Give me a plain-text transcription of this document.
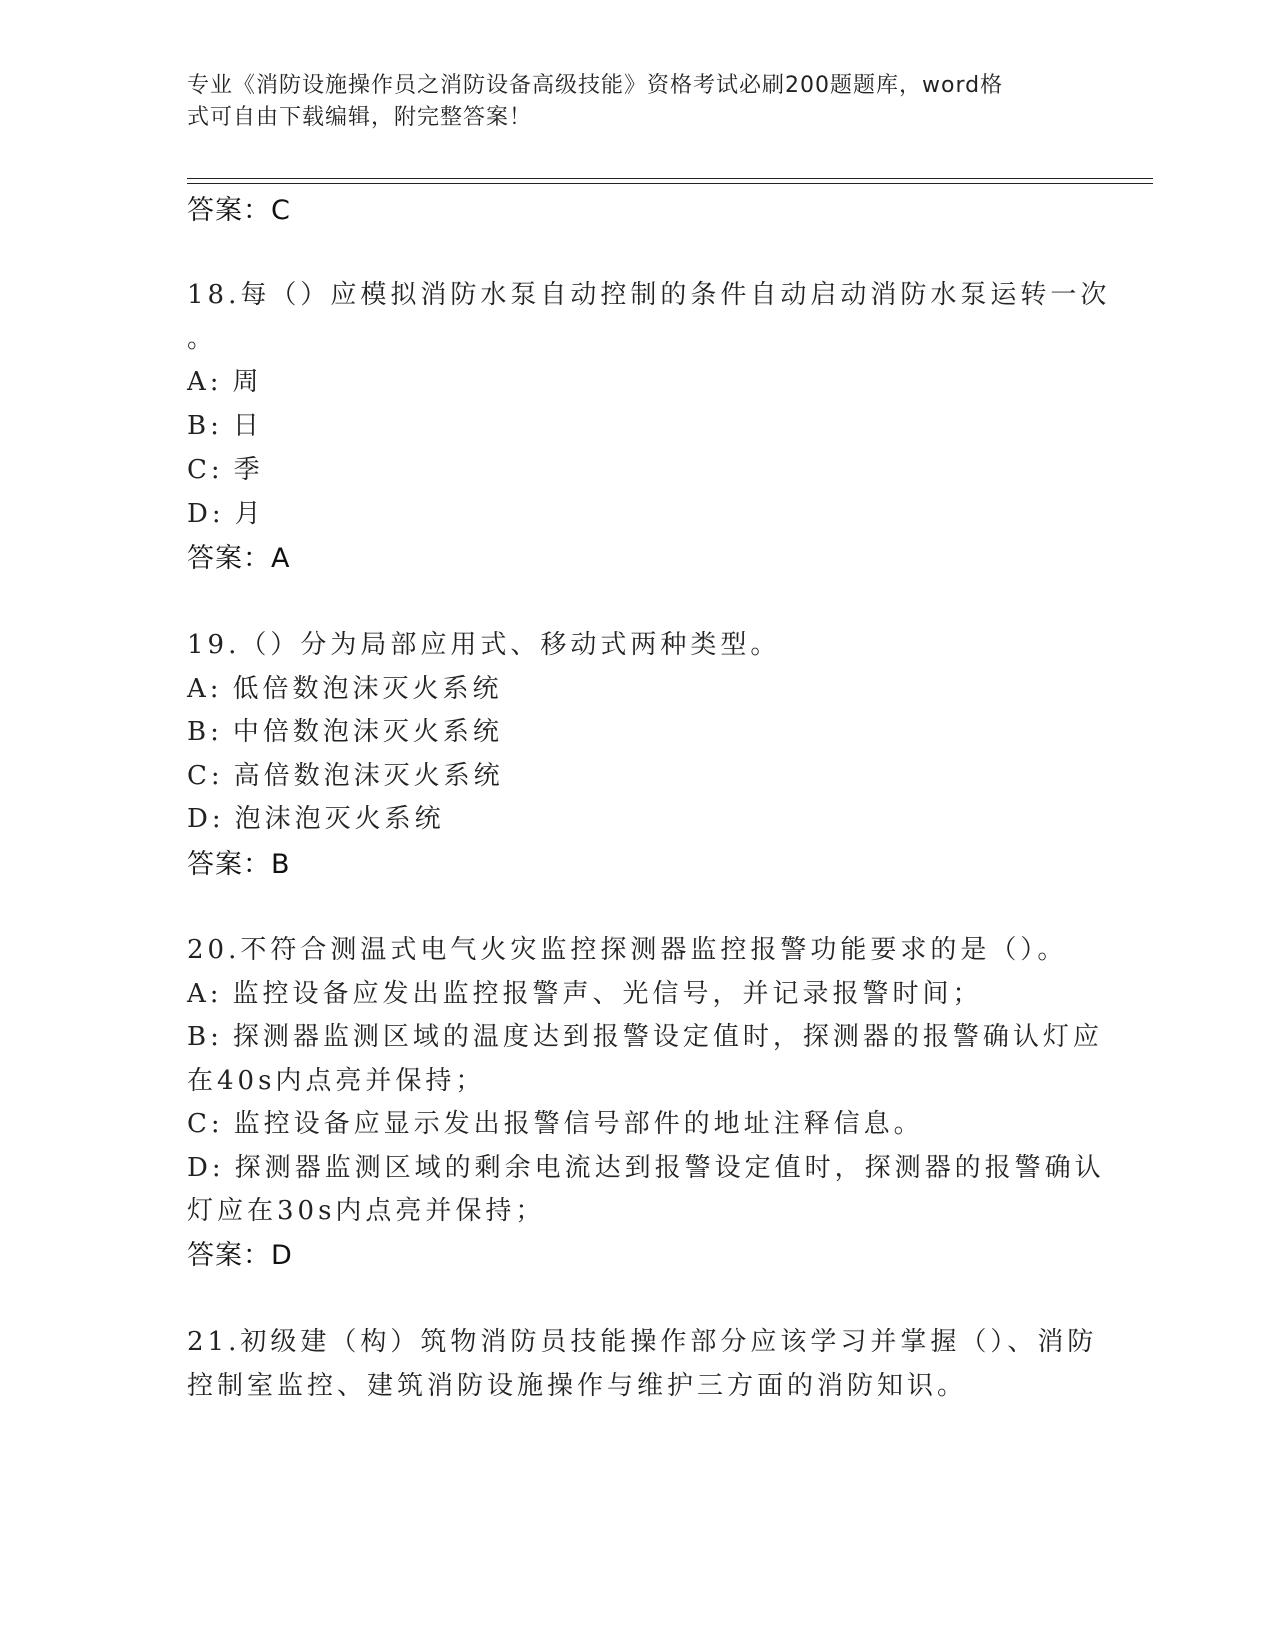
专业《消防设施操作员之消防设备高级技能》资格考试必刷200题题库，word格
式可自由下载编辑，附完整答案！
答案：C
18.每（）应模拟消防水泵自动控制的条件自动启动消防水泵运转一次
。
A: 周
B: 日
C: 季
D: 月
答案：A
19.（）分为局部应用式、移动式两种类型。
A: 低倍数泡沫灭火系统
B: 中倍数泡沫灭火系统
C: 高倍数泡沫灭火系统
D: 泡沫泡灭火系统
答案：B
20.不符合测温式电气火灾监控探测器监控报警功能要求的是（）。
A: 监控设备应发出监控报警声、光信号，并记录报警时间；
B: 探测器监测区域的温度达到报警设定值时，探测器的报警确认灯应
在40s内点亮并保持；
C: 监控设备应显示发出报警信号部件的地址注释信息。
D: 探测器监测区域的剩余电流达到报警设定值时，探测器的报警确认
灯应在30s内点亮并保持；
答案：D
21.初级建（构）筑物消防员技能操作部分应该学习并掌握（）、消防
控制室监控、建筑消防设施操作与维护三方面的消防知识。
